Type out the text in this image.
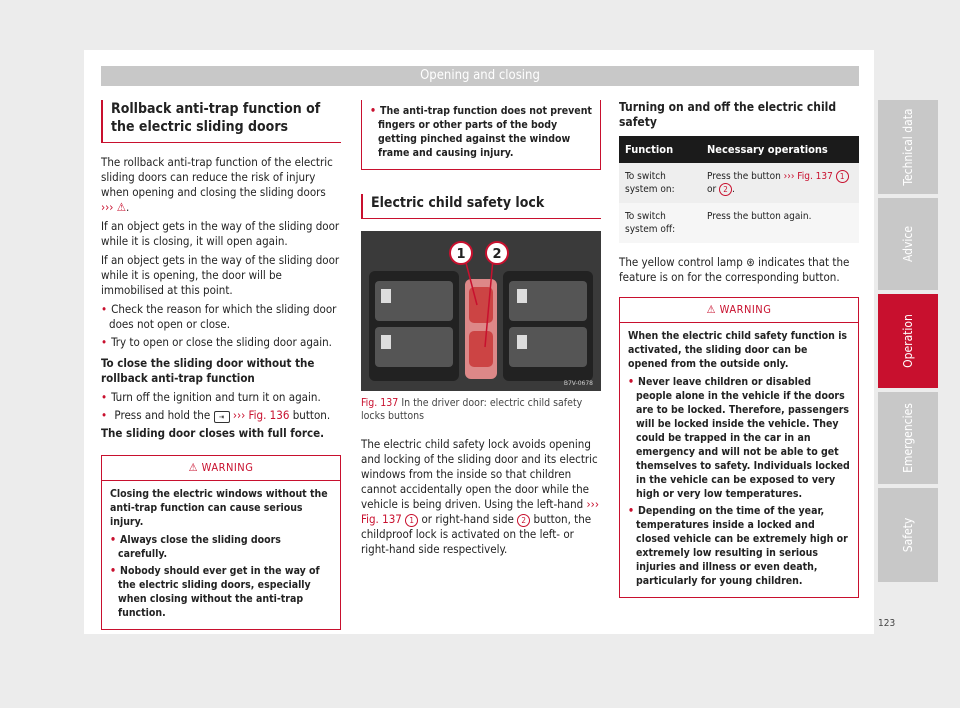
Opening and closing
Rollback anti-trap function of the electric sliding doors

The rollback anti-trap function of the electric sliding doors can reduce the risk of injury when opening and closing the sliding doors
››› ⚠.

If an object gets in the way of the sliding door while it is closing, it will open again.

If an object gets in the way of the sliding door while it is opening, the door will be immobilised at this point.

• Check the reason for which the sliding door does not open or close.

• Try to open or close the sliding door again.

To close the sliding door without the rollback anti-trap function

• Turn off the ignition and turn it on again.

• Press and hold the ⇥ ››› Fig. 136 button.

The sliding door closes with full force.

⚠ WARNING

Closing the electric windows without the anti-trap function can cause serious injury.

• Always close the sliding doors carefully.

• Nobody should ever get in the way of the electric sliding doors, especially when closing without the anti-trap function.

• The anti-trap function does not prevent fingers or other parts of the body getting pinched against the window frame and causing injury.

Electric child safety lock
1 2
B7V-0678
Fig. 137 In the driver door: electric child safety locks buttons

The electric child safety lock avoids opening and locking of the sliding door and its electric windows from the inside so that children cannot accidentally open the door while the vehicle is being driven. Using the left-hand ››› Fig. 137 1 or right-hand side 2 button, the childproof lock is activated on the left- or right-hand side respectively.

Turning on and off the electric child safety

Function	Necessary operations
To switch system on:	Press the button ››› Fig. 137 1 or 2 .
To switch system off:	Press the button again.

The yellow control lamp ⊛ indicates that the feature is on for the corresponding button.

⚠ WARNING

When the electric child safety function is activated, the sliding door can be opened from the outside only.

• Never leave children or disabled people alone in the vehicle if the doors are to be locked. Therefore, passengers will be locked inside the vehicle. They could be trapped in the car in an emergency and will not be able to get themselves to safety. Individuals locked in the vehicle can be exposed to very high or very low temperatures.

• Depending on the time of the year, temperatures inside a locked and closed vehicle can be extremely high or extremely low resulting in serious injuries and illness or even death, particularly for young children.

Technical data
Advice
Operation
Emergencies
Safety
123
